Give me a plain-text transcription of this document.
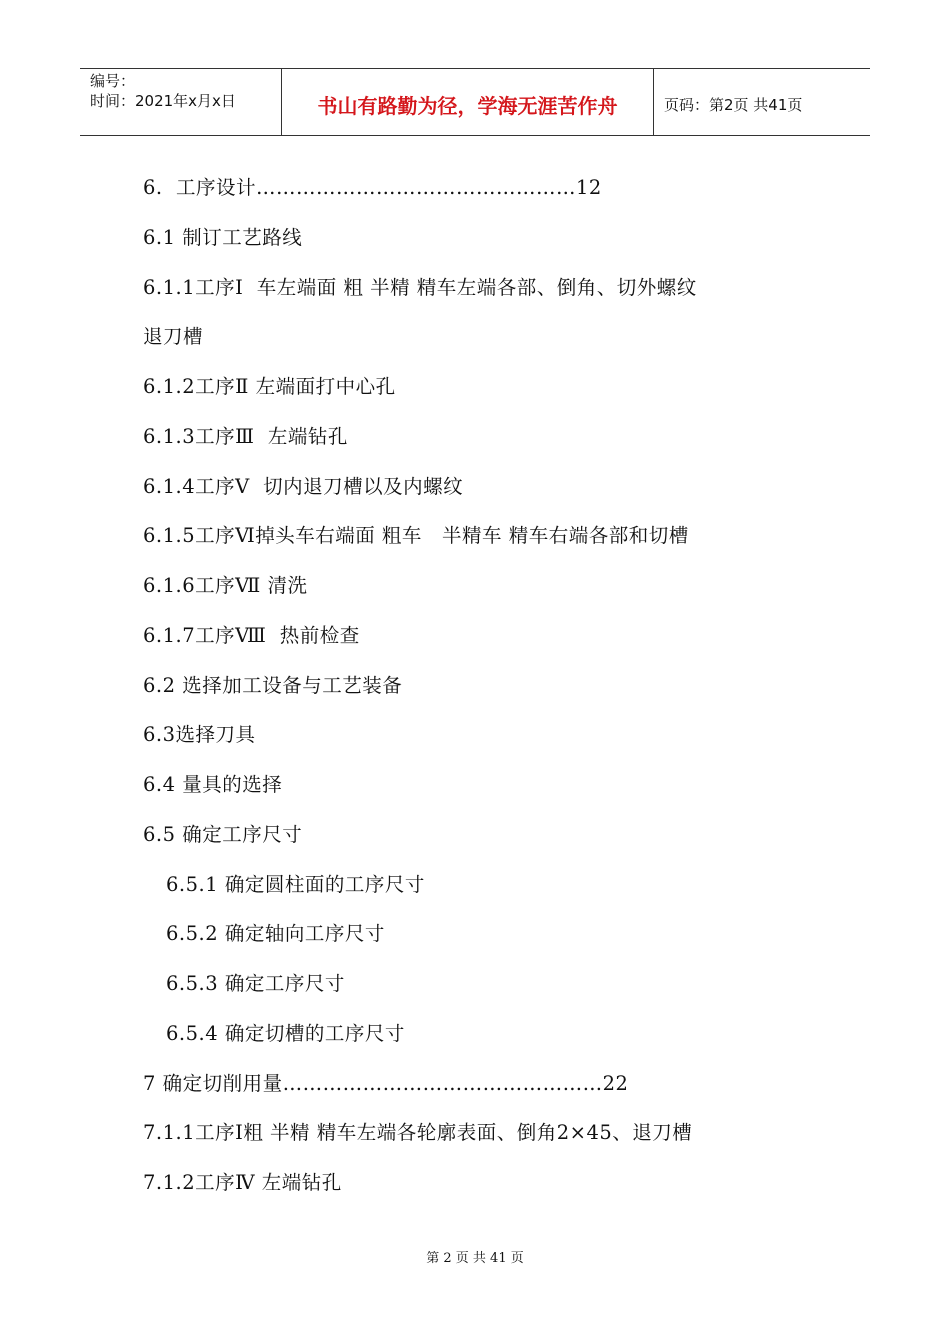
编号：
时间：2021年x月x日	书山有路勤为径，学海无涯苦作舟	页码：第2页 共41页
6.  工序设计…………………………………………12
6.1 制订工艺路线
6.1.1工序Ⅰ  车左端面 粗 半精 精车左端各部、倒角、切外螺纹
退刀槽
6.1.2工序Ⅱ 左端面打中心孔
6.1.3工序Ⅲ  左端钻孔
6.1.4工序Ⅴ  切内退刀槽以及内螺纹
6.1.5工序Ⅵ掉头车右端面 粗车   半精车 精车右端各部和切槽
6.1.6工序Ⅶ 清洗
6.1.7工序Ⅷ  热前检查
6.2 选择加工设备与工艺装备
6.3选择刀具
6.4 量具的选择
6.5 确定工序尺寸
6.5.1 确定圆柱面的工序尺寸
6.5.2 确定轴向工序尺寸
6.5.3 确定工序尺寸
6.5.4 确定切槽的工序尺寸
7 确定切削用量…………………………………………22
7.1.1工序Ⅰ粗 半精 精车左端各轮廓表面、倒角2×45、退刀槽
7.1.2工序Ⅳ 左端钻孔
第 2 页 共 41 页
